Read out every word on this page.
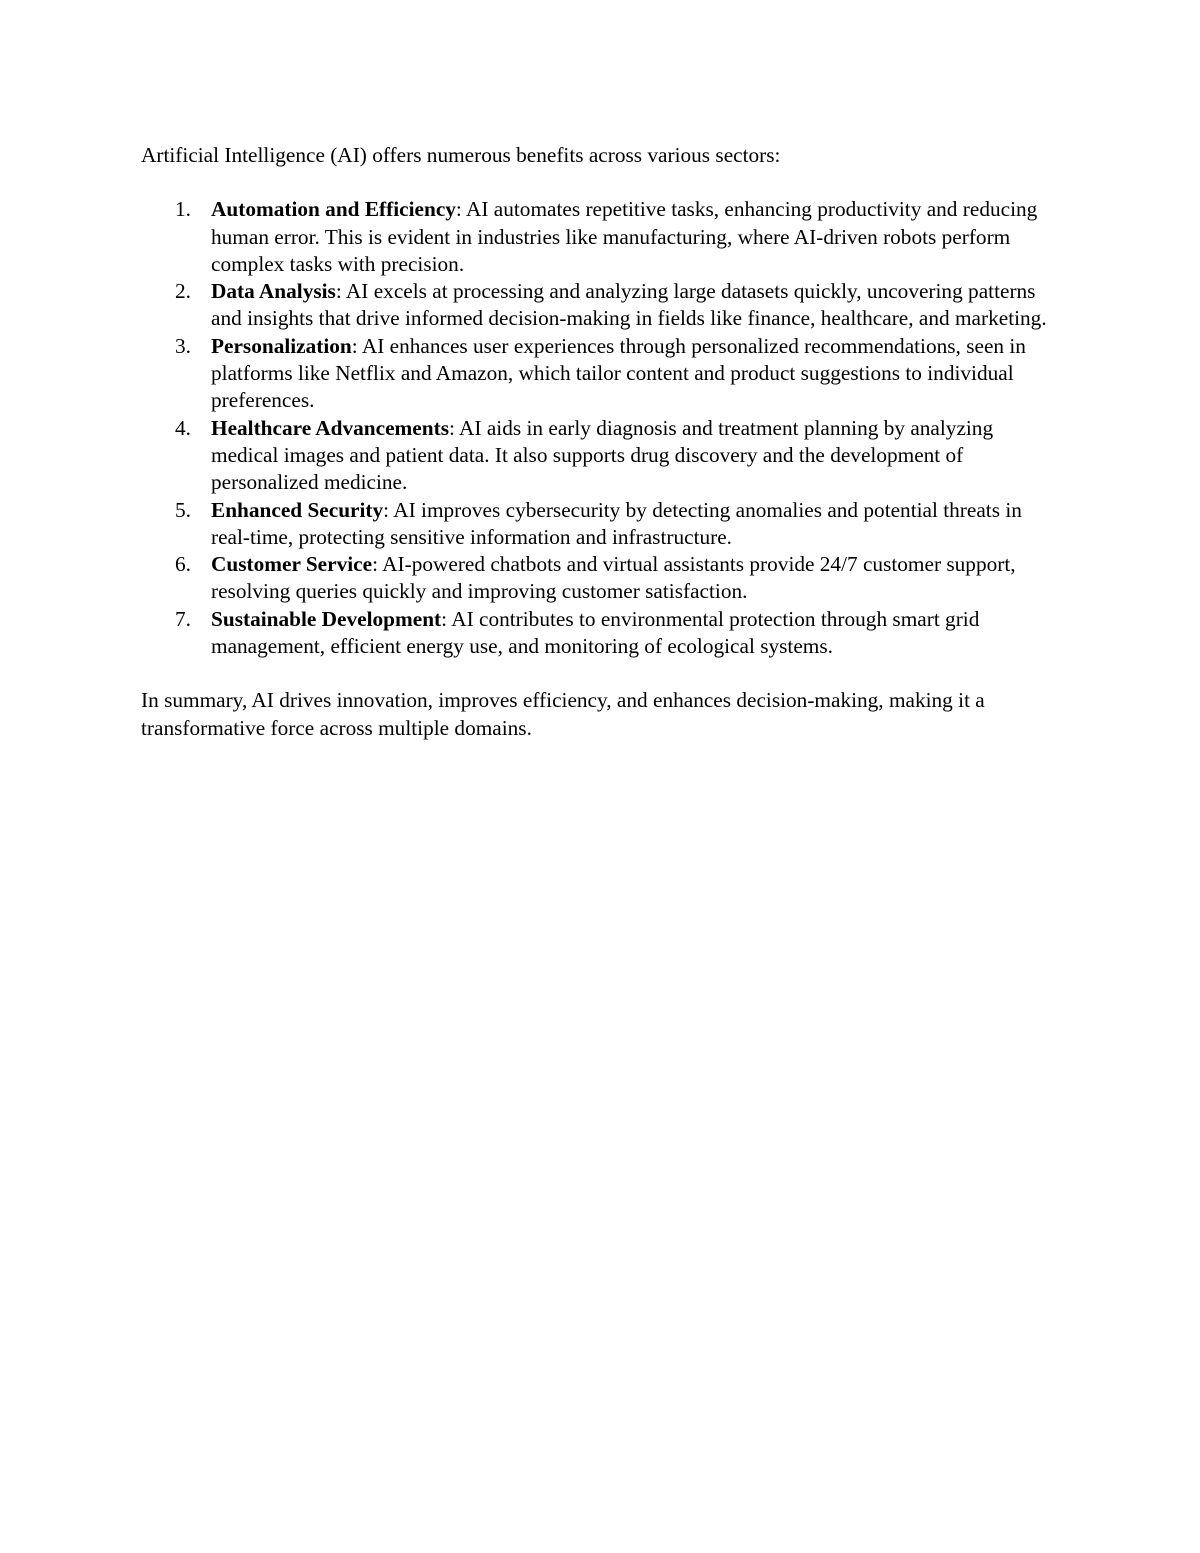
Artificial Intelligence (AI) offers numerous benefits across various sectors:

1. Automation and Efficiency: AI automates repetitive tasks, enhancing productivity and reducing human error. This is evident in industries like manufacturing, where AI-driven robots perform complex tasks with precision.
2. Data Analysis: AI excels at processing and analyzing large datasets quickly, uncovering patterns and insights that drive informed decision-making in fields like finance, healthcare, and marketing.
3. Personalization: AI enhances user experiences through personalized recommendations, seen in platforms like Netflix and Amazon, which tailor content and product suggestions to individual preferences.
4. Healthcare Advancements: AI aids in early diagnosis and treatment planning by analyzing medical images and patient data. It also supports drug discovery and the development of personalized medicine.
5. Enhanced Security: AI improves cybersecurity by detecting anomalies and potential threats in real-time, protecting sensitive information and infrastructure.
6. Customer Service: AI-powered chatbots and virtual assistants provide 24/7 customer support, resolving queries quickly and improving customer satisfaction.
7. Sustainable Development: AI contributes to environmental protection through smart grid management, efficient energy use, and monitoring of ecological systems.

In summary, AI drives innovation, improves efficiency, and enhances decision-making, making it a transformative force across multiple domains.
